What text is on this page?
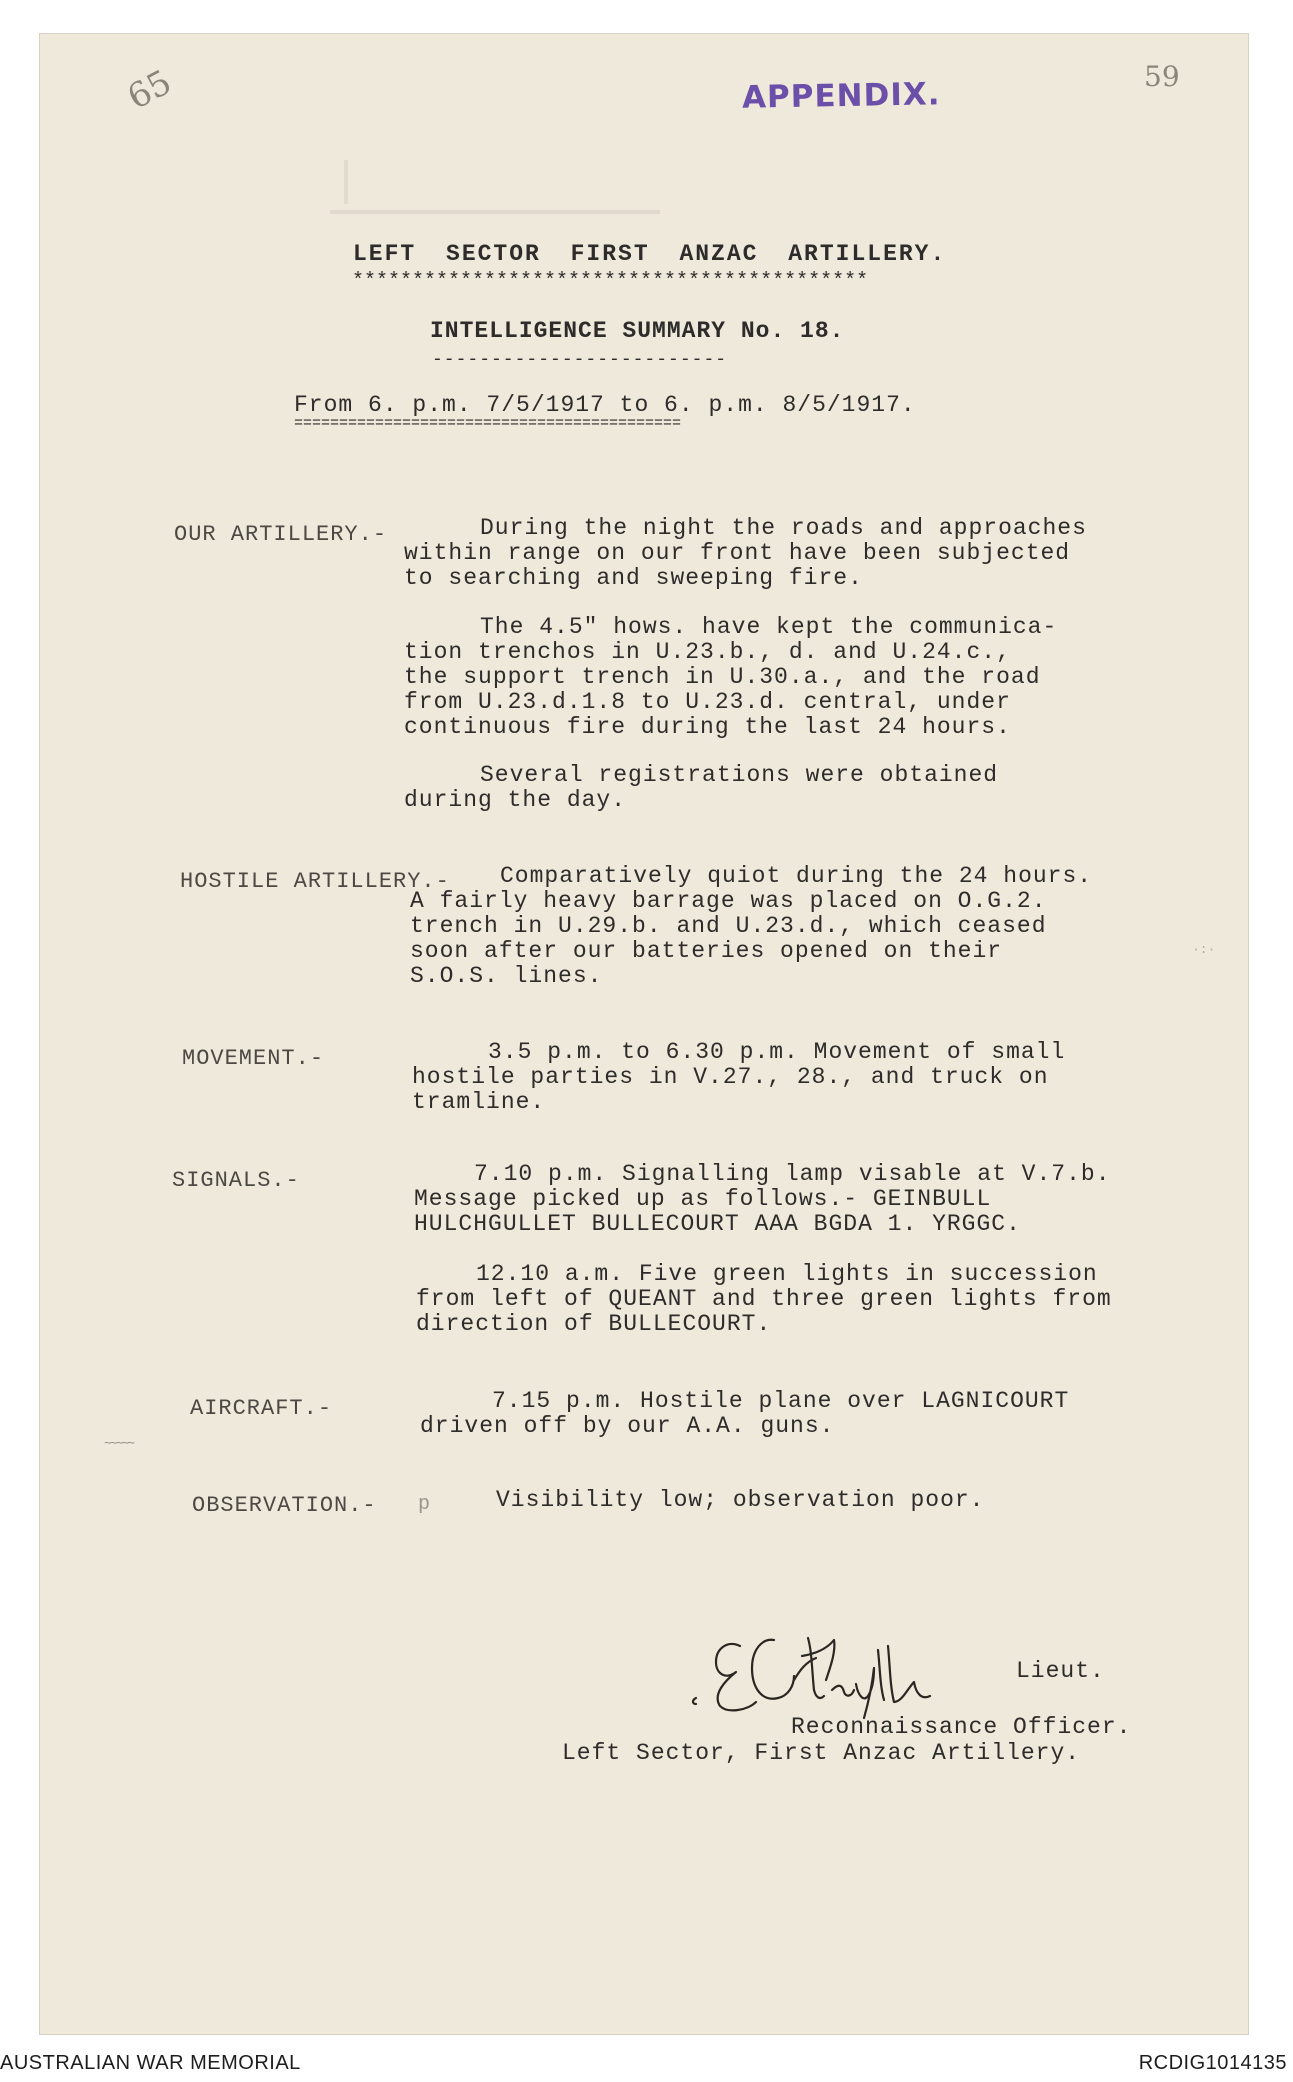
65	APPENDIX.	59
LEFT SECTOR FIRST ANZAC ARTILLERY.
*******************************************
INTELLIGENCE SUMMARY No. 18.
-------------------------
From 6. p.m. 7/5/1917 to 6. p.m. 8/5/1917.
===========================================
OUR ARTILLERY.-	During the night the roads and approaches
within range on our front have been subjected
to searching and sweeping fire.
The 4.5" hows. have kept the communica-
tion trenchos in U.23.b., d. and U.24.c.,
the support trench in U.30.a., and the road
from U.23.d.1.8 to U.23.d. central, under
continuous fire during the last 24 hours.
Several registrations were obtained
during the day.
HOSTILE ARTILLERY.-	Comparatively quiot during the 24 hours.
A fairly heavy barrage was placed on O.G.2.
trench in U.29.b. and U.23.d., which ceased
soon after our batteries opened on their
S.O.S. lines.
MOVEMENT.-	3.5 p.m. to 6.30 p.m. Movement of small
hostile parties in V.27., 28., and truck on
tramline.
SIGNALS.-	7.10 p.m. Signalling lamp visable at V.7.b.
Message picked up as follows.- GEINBULL
HULCHGULLET BULLECOURT AAA BGDA 1. YRGGC.
12.10 a.m. Five green lights in succession
from left of QUEANT and three green lights from
direction of BULLECOURT.
AIRCRAFT.-	7.15 p.m. Hostile plane over LAGNICOURT
driven off by our A.A. guns.
~~~~~
OBSERVATION.- p	Visibility low; observation poor.
Lieut.
Reconnaissance Officer.
Left Sector, First Anzac Artillery.
·:·
AUSTRALIAN WAR MEMORIAL	RCDIG1014135
